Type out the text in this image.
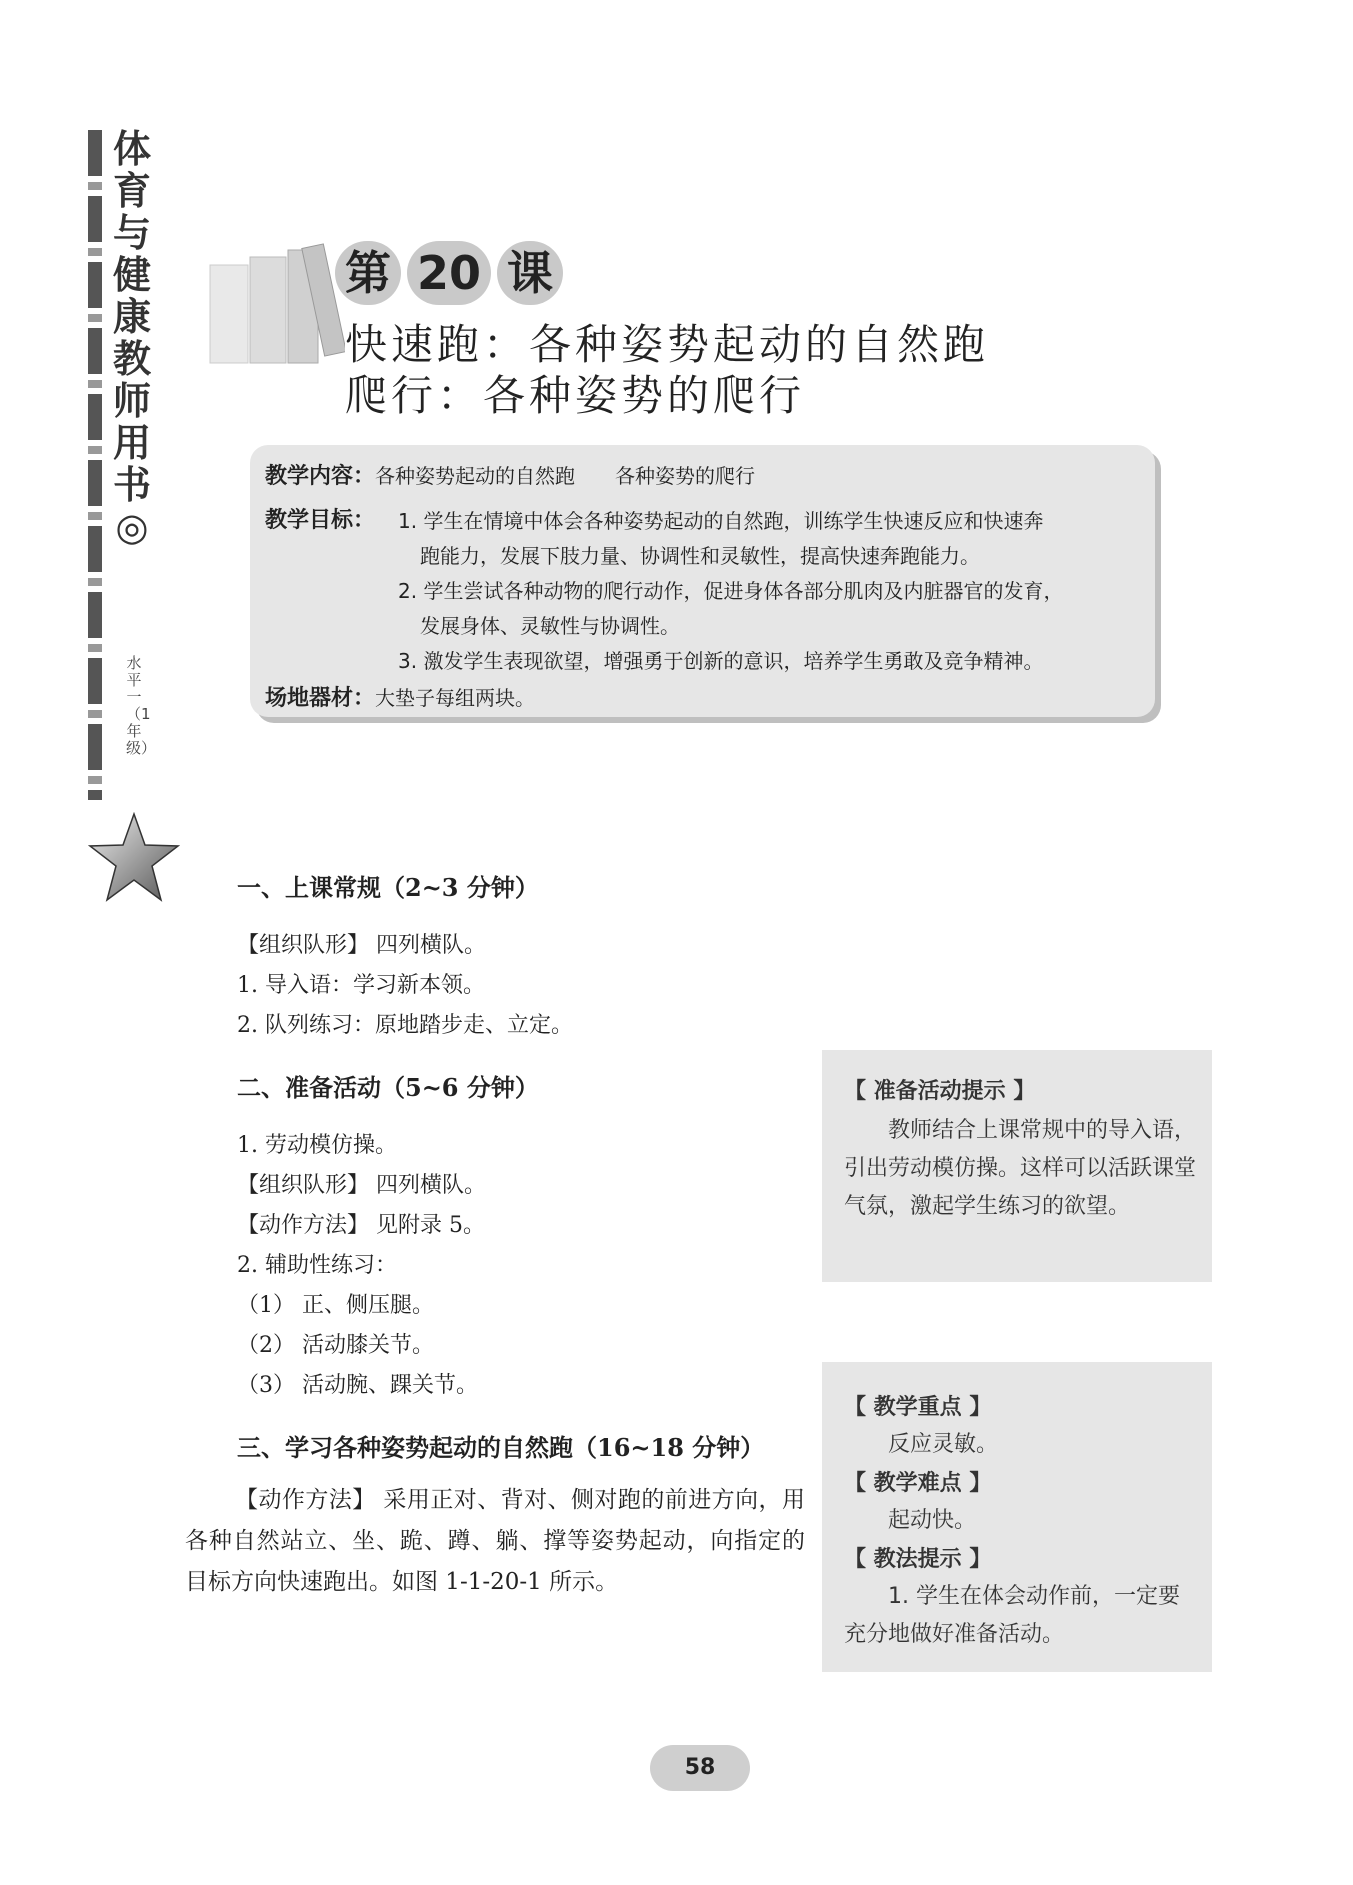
体育与健康教师用书◎
水平一（1年级）
第 20 课
快速跑：各种姿势起动的自然跑
爬行：各种姿势的爬行
教学内容：各种姿势起动的自然跑　　各种姿势的爬行
教学目标： 1. 学生在情境中体会各种姿势起动的自然跑，训练学生快速反应和快速奔
跑能力，发展下肢力量、协调性和灵敏性，提高快速奔跑能力。
2. 学生尝试各种动物的爬行动作，促进身体各部分肌肉及内脏器官的发育，
发展身体、灵敏性与协调性。
3. 激发学生表现欲望，增强勇于创新的意识，培养学生勇敢及竞争精神。
场地器材：大垫子每组两块。
一、上课常规（2~3 分钟）
【组织队形】 四列横队。
1. 导入语：学习新本领。
2. 队列练习：原地踏步走、立定。
二、准备活动（5~6 分钟）
1. 劳动模仿操。
【组织队形】 四列横队。
【动作方法】 见附录 5。
2. 辅助性练习：
（1） 正、侧压腿。
（2） 活动膝关节。
（3） 活动腕、踝关节。
三、学习各种姿势起动的自然跑（16~18 分钟）
【动作方法】 采用正对、背对、侧对跑的前进方向，用各种自然站立、坐、跪、蹲、躺、撑等姿势起动，向指定的目标方向快速跑出。如图 1-1-20-1 所示。
【 准备活动提示 】
教师结合上课常规中的导入语，引出劳动模仿操。这样可以活跃课堂气氛，激起学生练习的欲望。
【 教学重点 】
反应灵敏。
【 教学难点 】
起动快。
【 教法提示 】
1. 学生在体会动作前，一定要充分地做好准备活动。
58
